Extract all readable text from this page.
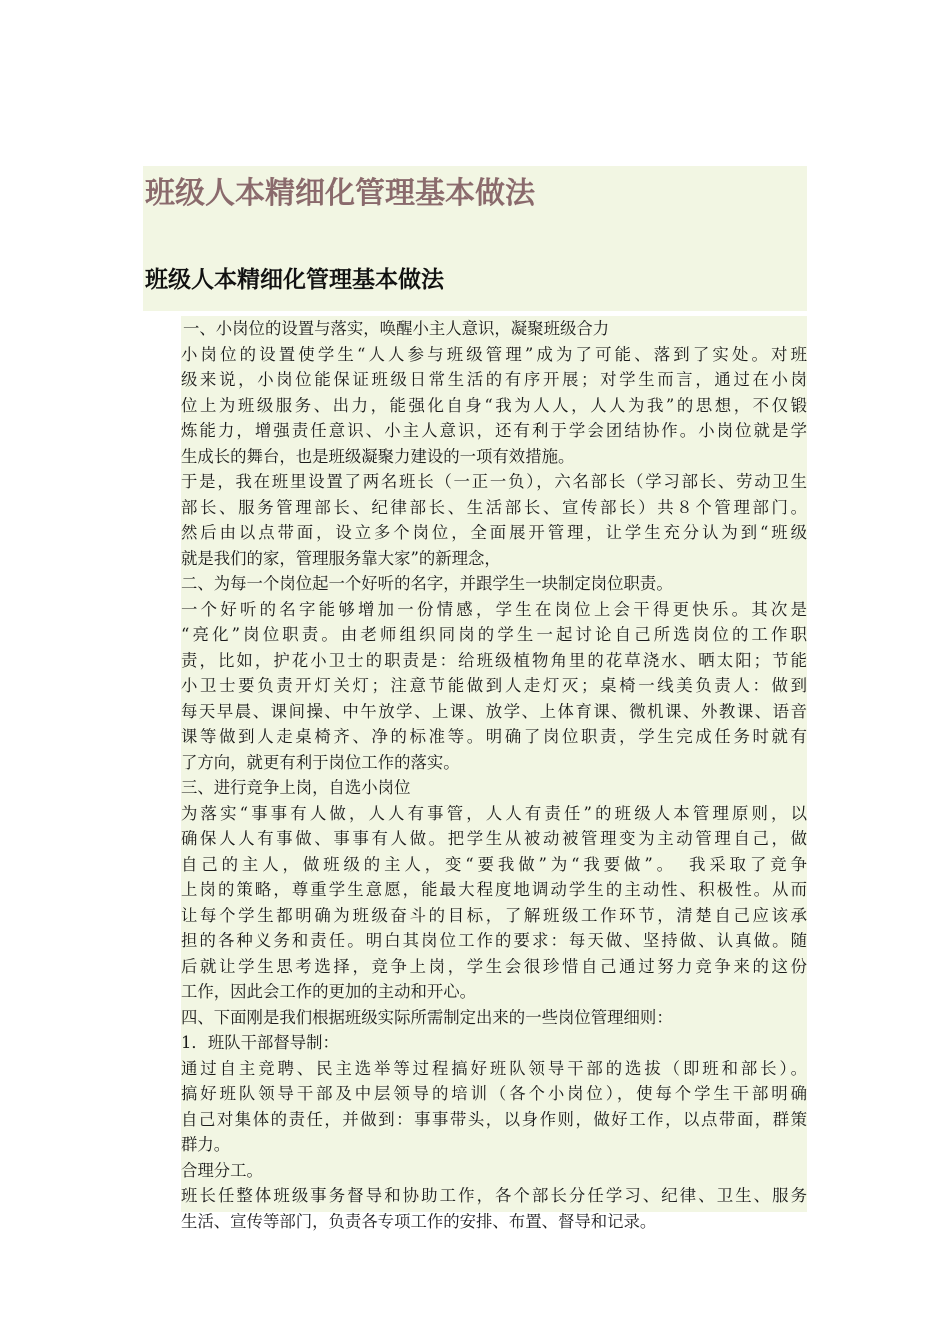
班级人本精细化管理基本做法
班级人本精细化管理基本做法

一、小岗位的设置与落实，唤醒小主人意识，凝聚班级合力

小岗位的设置使学生“人人参与班级管理”成为了可能、落到了实处。对班

级来说，小岗位能保证班级日常生活的有序开展；对学生而言，通过在小岗

位上为班级服务、出力，能强化自身“我为人人，人人为我”的思想，不仅锻

炼能力，增强责任意识、小主人意识，还有利于学会团结协作。小岗位就是学

生成长的舞台，也是班级凝聚力建设的一项有效措施。

于是，我在班里设置了两名班长（一正一负），六名部长（学习部长、劳动卫生

部长、服务管理部长、纪律部长、生活部长、宣传部长）共８个管理部门。

然后由以点带面，设立多个岗位，全面展开管理，让学生充分认为到“班级

就是我们的家，管理服务靠大家”的新理念，

二、为每一个岗位起一个好听的名字，并跟学生一块制定岗位职责。

一个好听的名字能够增加一份情感，学生在岗位上会干得更快乐。其次是

“亮化”岗位职责。由老师组织同岗的学生一起讨论自己所选岗位的工作职

责，比如，护花小卫士的职责是：给班级植物角里的花草浇水、晒太阳；节能

小卫士要负责开灯关灯；注意节能做到人走灯灭；桌椅一线美负责人：做到

每天早晨、课间操、中午放学、上课、放学、上体育课、微机课、外教课、语音

课等做到人走桌椅齐、净的标准等。明确了岗位职责，学生完成任务时就有

了方向，就更有利于岗位工作的落实。

三、进行竞争上岗，自选小岗位

为落实“事事有人做，人人有事管，人人有责任”的班级人本管理原则，以

确保人人有事做、事事有人做。把学生从被动被管理变为主动管理自己，做

自己的主人，做班级的主人，变“要我做”为“我要做”。　我采取了竞争

上岗的策略，尊重学生意愿，能最大程度地调动学生的主动性、积极性。从而

让每个学生都明确为班级奋斗的目标，了解班级工作环节，清楚自己应该承

担的各种义务和责任。明白其岗位工作的要求：每天做、坚持做、认真做。随

后就让学生思考选择，竞争上岗，学生会很珍惜自己通过努力竞争来的这份

工作，因此会工作的更加的主动和开心。

四、下面刚是我们根据班级实际所需制定出来的一些岗位管理细则：

1．班队干部督导制：

通过自主竞聘、民主选举等过程搞好班队领导干部的选拔（即班和部长）。

搞好班队领导干部及中层领导的培训（各个小岗位），使每个学生干部明确

自己对集体的责任，并做到：事事带头，以身作则，做好工作，以点带面，群策

群力。

合理分工。

班长任整体班级事务督导和协助工作，各个部长分任学习、纪律、卫生、服务

生活、宣传等部门，负责各专项工作的安排、布置、督导和记录。
